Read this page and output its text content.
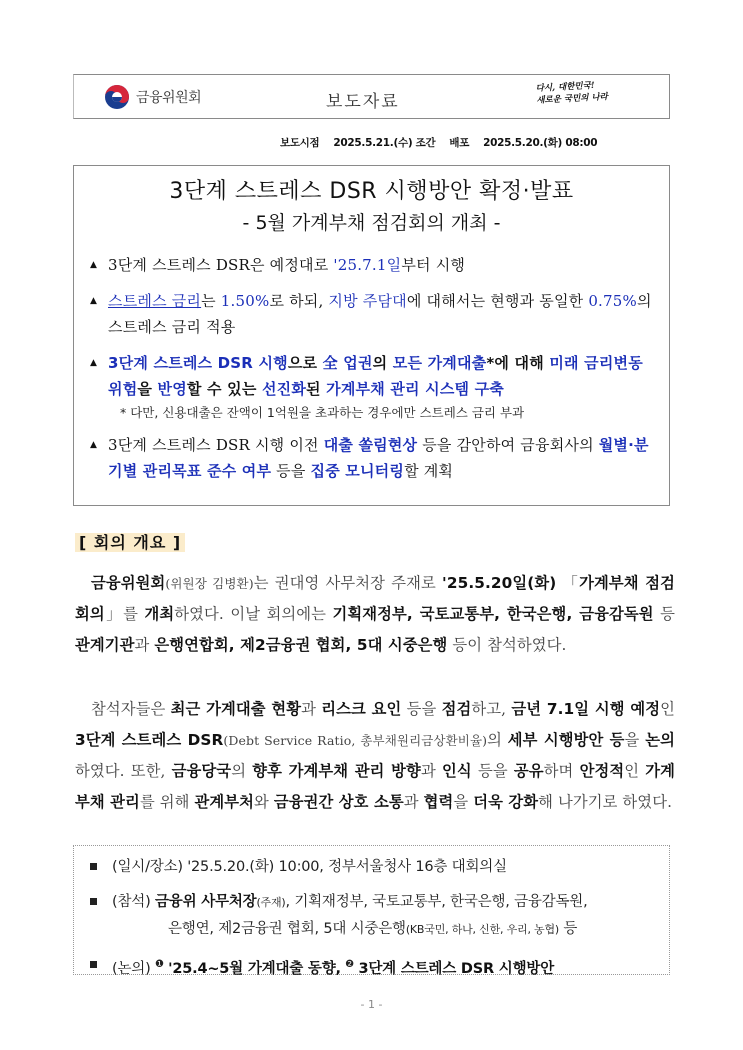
금융위원회	보도자료
다시, 대한민국!
새로운 국민의 나라
보도시점 2025.5.21.(수) 조간 배포 2025.5.20.(화) 08:00
3단계 스트레스 DSR 시행방안 확정·발표
- 5월 가계부채 점검회의 개최 -
▲ 3단계 스트레스 DSR은 예정대로 '25.7.1일부터 시행
▲ 스트레스 금리는 1.50%로 하되, 지방 주담대에 대해서는 현행과 동일한 0.75%의 스트레스 금리 적용
▲ 3단계 스트레스 DSR 시행으로 全 업권의 모든 가계대출*에 대해 미래 금리변동 위험을 반영할 수 있는 선진화된 가계부채 관리 시스템 구축
* 다만, 신용대출은 잔액이 1억원을 초과하는 경우에만 스트레스 금리 부과
▲ 3단계 스트레스 DSR 시행 이전 대출 쏠림현상 등을 감안하여 금융회사의 월별·분기별 관리목표 준수 여부 등을 집중 모니터링할 계획
[ 회의 개요 ]
금융위원회(위원장 김병환)는 권대영 사무처장 주재로 '25.5.20일(화) 「가계부채 점검회의」를 개최하였다. 이날 회의에는 기획재정부, 국토교통부, 한국은행, 금융감독원 등 관계기관과 은행연합회, 제2금융권 협회, 5대 시중은행 등이 참석하였다.
참석자들은 최근 가계대출 현황과 리스크 요인 등을 점검하고, 금년 7.1일 시행 예정인 3단계 스트레스 DSR(Debt Service Ratio, 총부채원리금상환비율)의 세부 시행방안 등을 논의하였다. 또한, 금융당국의 향후 가계부채 관리 방향과 인식 등을 공유하며 안정적인 가계부채 관리를 위해 관계부처와 금융권간 상호 소통과 협력을 더욱 강화해 나가기로 하였다.
(일시/장소) '25.5.20.(화) 10:00, 정부서울청사 16층 대회의실
(참석) 금융위 사무처장(주재), 기획재정부, 국토교통부, 한국은행, 금융감독원,
은행연, 제2금융권 협회, 5대 시중은행(KB국민, 하나, 신한, 우리, 농협) 등
(논의) $^❶$ '25.4~5월 가계대출 동향, $^❷$ 3단계 스트레스 DSR 시행방안
- 1 -
